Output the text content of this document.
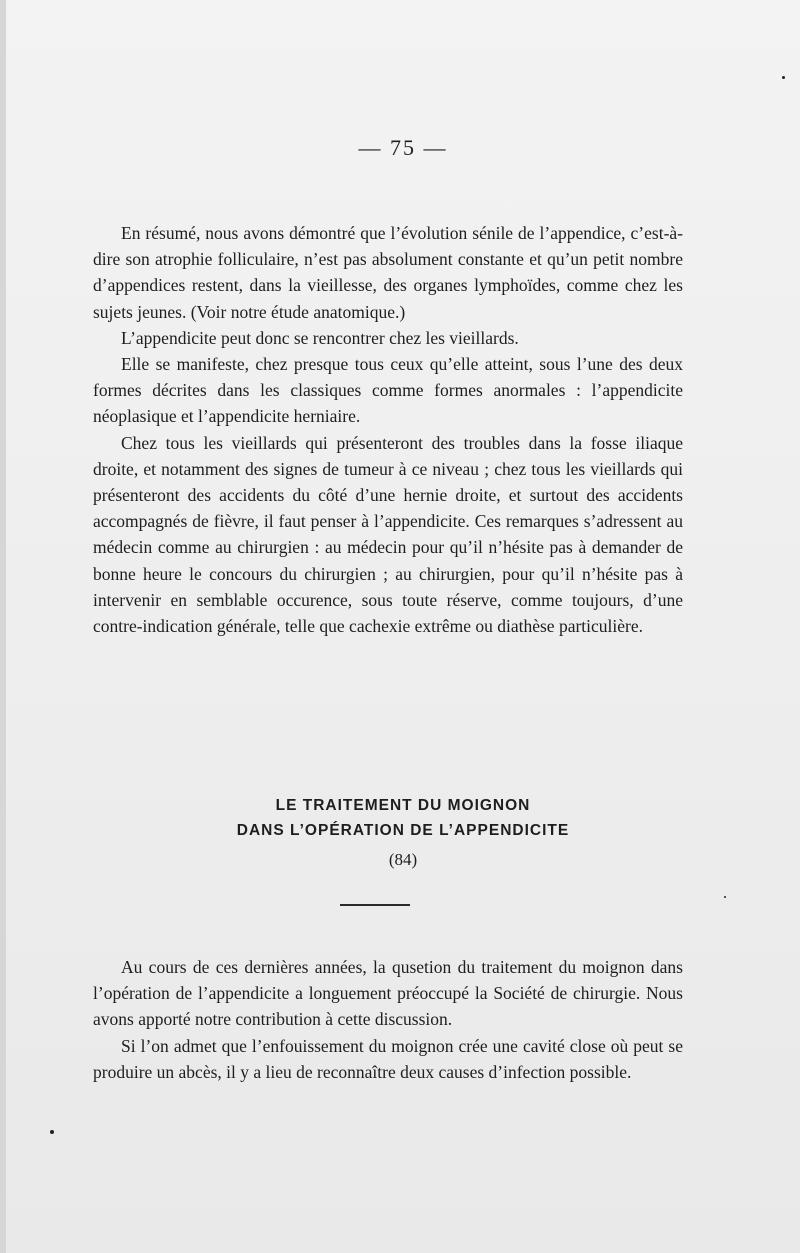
— 75 —

En résumé, nous avons démontré que l’évolution sénile de l’appendice, c’est-à-dire son atrophie folliculaire, n’est pas absolument constante et qu’un petit nombre d’appendices restent, dans la vieillesse, des organes lymphoïdes, comme chez les sujets jeunes. (Voir notre étude anatomique.)

L’appendicite peut donc se rencontrer chez les vieillards.

Elle se manifeste, chez presque tous ceux qu’elle atteint, sous l’une des deux formes décrites dans les classiques comme formes anormales : l’appendicite néoplasique et l’appendicite herniaire.

Chez tous les vieillards qui présenteront des troubles dans la fosse iliaque droite, et notamment des signes de tumeur à ce niveau ; chez tous les vieillards qui présenteront des accidents du côté d’une hernie droite, et surtout des accidents accompagnés de fièvre, il faut penser à l’appendicite. Ces remarques s’adressent au médecin comme au chirurgien : au médecin pour qu’il n’hésite pas à demander de bonne heure le concours du chirurgien ; au chirurgien, pour qu’il n’hésite pas à intervenir en semblable occurence, sous toute réserve, comme toujours, d’une contre-indication générale, telle que cachexie extrême ou diathèse particulière.

LE TRAITEMENT DU MOIGNON
DANS L’OPÉRATION DE L’APPENDICITE
(84)

Au cours de ces dernières années, la qusetion du traitement du moignon dans l’opération de l’appendicite a longuement préoccupé la Société de chirurgie. Nous avons apporté notre contribution à cette discussion.

Si l’on admet que l’enfouissement du moignon crée une cavité close où peut se produire un abcès, il y a lieu de reconnaître deux causes d’infection possible.
